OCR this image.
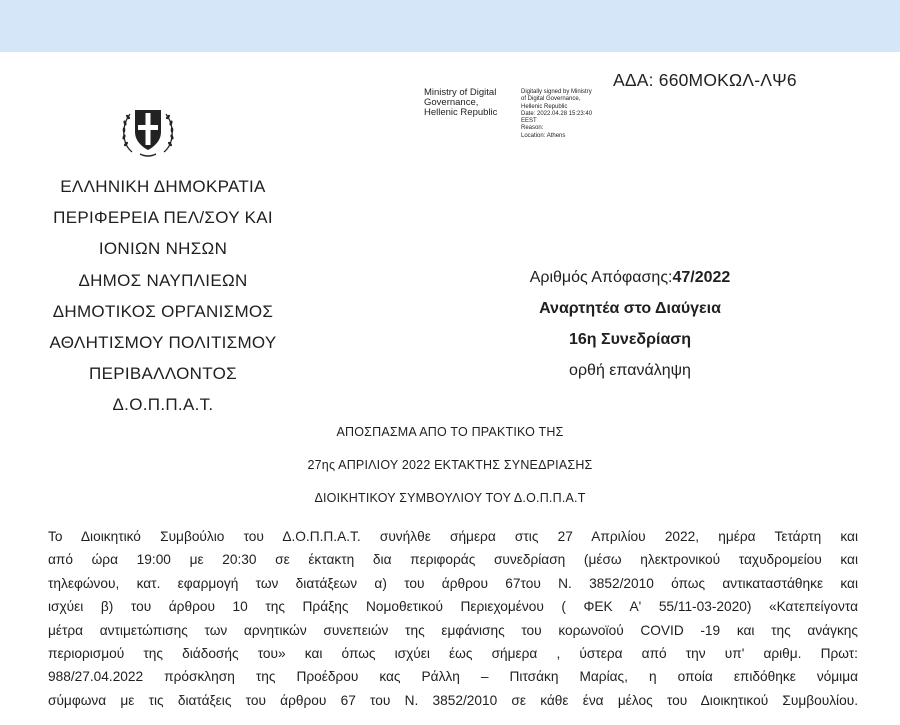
ΑΔΑ: 660ΜΟΚΩΛ-ΛΨ6
Ministry of Digital
Governance,
Hellenic Republic
Digitally signed by Ministry
of Digital Governance,
Hellenic Republic
Date: 2022.04.28 15:23:40
EEST
Reason:
Location: Athens
ΕΛΛΗΝΙΚΗ ΔΗΜΟΚΡΑΤΙΑ
ΠΕΡΙΦΕΡΕΙΑ ΠΕΛ/ΣΟΥ ΚΑΙ
ΙΟΝΙΩΝ ΝΗΣΩΝ
ΔΗΜΟΣ ΝΑΥΠΛΙΕΩΝ
ΔΗΜΟΤΙΚΟΣ ΟΡΓΑΝΙΣΜΟΣ
ΑΘΛΗΤΙΣΜΟΥ ΠΟΛΙΤΙΣΜΟΥ
ΠΕΡΙΒΑΛΛΟΝΤΟΣ
Δ.Ο.Π.Π.Α.Τ.
Αριθμός Απόφασης:47/2022
Αναρτητέα στο Διαύγεια
16η Συνεδρίαση
ορθή επανάληψη
ΑΠΟΣΠΑΣΜΑ ΑΠΟ ΤΟ ΠΡΑΚΤΙΚΟ ΤΗΣ
27ης ΑΠΡΙΛΙΟΥ 2022 ΕΚΤΑΚΤΗΣ ΣΥΝΕΔΡΙΑΣΗΣ
ΔΙΟΙΚΗΤΙΚΟΥ ΣΥΜΒΟΥΛΙΟΥ ΤΟΥ Δ.Ο.Π.Π.Α.Τ
Το Διοικητικό Συμβούλιο του Δ.Ο.Π.Π.Α.Τ. συνήλθε σήμερα στις 27 Απριλίου 2022, ημέρα Τετάρτη και
από ώρα 19:00 με 20:30 σε έκτακτη δια περιφοράς συνεδρίαση (μέσω ηλεκτρονικού ταχυδρομείου και
τηλεφώνου, κατ. εφαρμογή των διατάξεων α) του άρθρου 67του Ν. 3852/2010 όπως αντικαταστάθηκε και
ισχύει β) του άρθρου 10 της Πράξης Νομοθετικού Περιεχομένου ( ΦΕΚ Α' 55/11-03-2020) «Κατεπείγοντα
μέτρα αντιμετώπισης των αρνητικών συνεπειών της εμφάνισης του κορωνοϊού COVID -19 και της ανάγκης
περιορισμού της διάδοσής του» και όπως ισχύει έως σήμερα , ύστερα από την υπ' αριθμ. Πρωτ:
988/27.04.2022 πρόσκληση της Προέδρου κας Ράλλη – Πιτσάκη Μαρίας, η οποία επιδόθηκε νόμιμα
σύμφωνα με τις διατάξεις του άρθρου 67 του Ν. 3852/2010 σε κάθε ένα μέλος του Διοικητικού Συμβουλίου.
